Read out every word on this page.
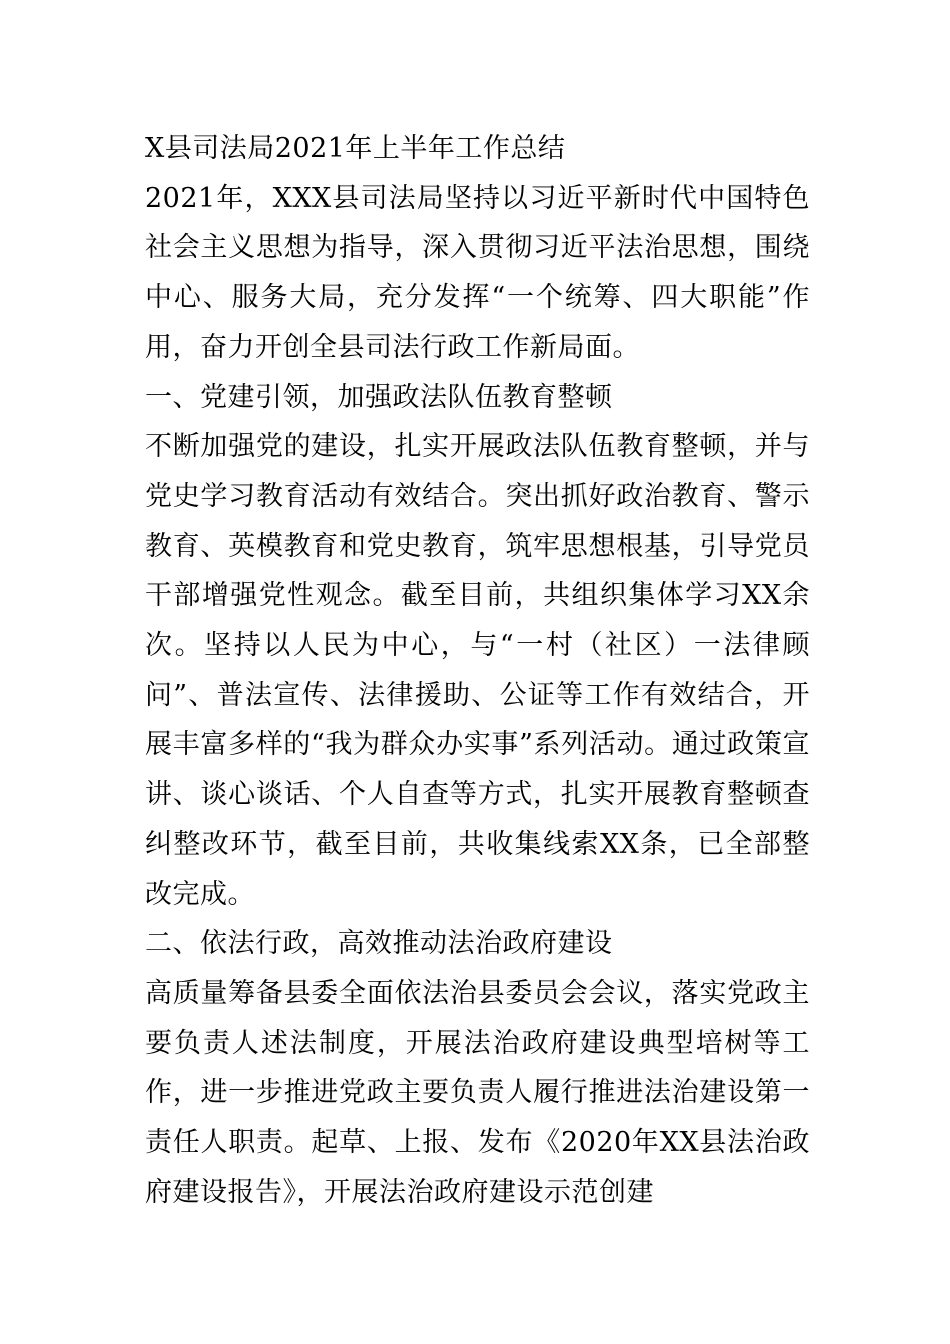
X县司法局2021年上半年工作总结

2021年，XXX县司法局坚持以习近平新时代中国特色社会主义思想为指导，深入贯彻习近平法治思想，围绕中心、服务大局，充分发挥“一个统筹、四大职能”作用，奋力开创全县司法行政工作新局面。

一、党建引领，加强政法队伍教育整顿

不断加强党的建设，扎实开展政法队伍教育整顿，并与党史学习教育活动有效结合。突出抓好政治教育、警示教育、英模教育和党史教育，筑牢思想根基，引导党员干部增强党性观念。截至目前，共组织集体学习XX余次。坚持以人民为中心，与“一村（社区）一法律顾问”、普法宣传、法律援助、公证等工作有效结合，开展丰富多样的“我为群众办实事”系列活动。通过政策宣讲、谈心谈话、个人自查等方式，扎实开展教育整顿查纠整改环节，截至目前，共收集线索XX条，已全部整改完成。

二、依法行政，高效推动法治政府建设

高质量筹备县委全面依法治县委员会会议，落实党政主要负责人述法制度，开展法治政府建设典型培树等工作，进一步推进党政主要负责人履行推进法治建设第一责任人职责。起草、上报、发布《2020年XX县法治政府建设报告》，开展法治政府建设示范创建
